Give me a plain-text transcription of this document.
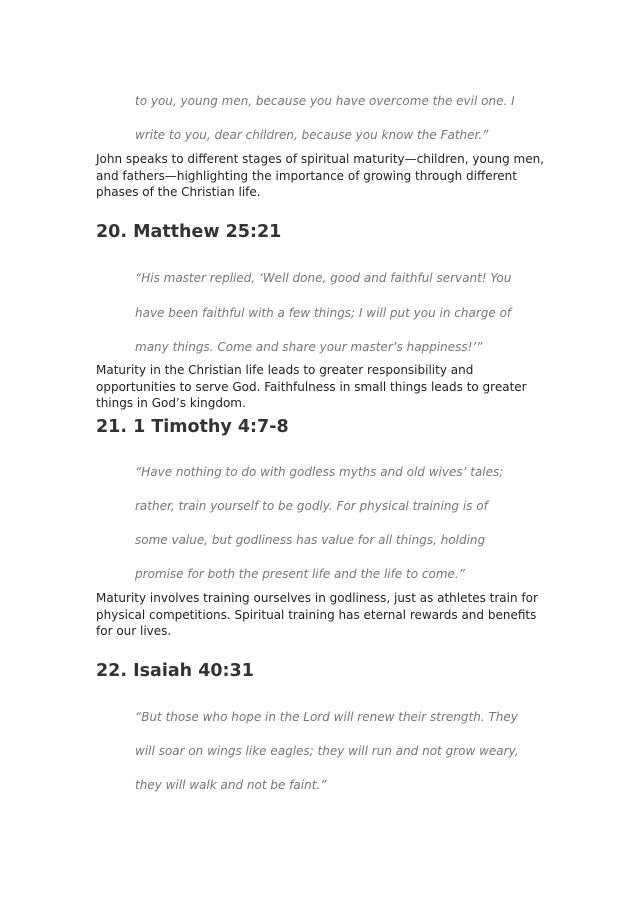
to you, young men, because you have overcome the evil one. I
write to you, dear children, because you know the Father.”
John speaks to different stages of spiritual maturity—children, young men, and fathers—highlighting the importance of growing through different phases of the Christian life.
20. Matthew 25:21
“His master replied, ‘Well done, good and faithful servant! You
have been faithful with a few things; I will put you in charge of
many things. Come and share your master’s happiness!’”
Maturity in the Christian life leads to greater responsibility and opportunities to serve God. Faithfulness in small things leads to greater things in God’s kingdom.
21. 1 Timothy 4:7-8
“Have nothing to do with godless myths and old wives’ tales;
rather, train yourself to be godly. For physical training is of
some value, but godliness has value for all things, holding
promise for both the present life and the life to come.”
Maturity involves training ourselves in godliness, just as athletes train for physical competitions. Spiritual training has eternal rewards and benefits for our lives.
22. Isaiah 40:31
“But those who hope in the Lord will renew their strength. They
will soar on wings like eagles; they will run and not grow weary,
they will walk and not be faint.”
